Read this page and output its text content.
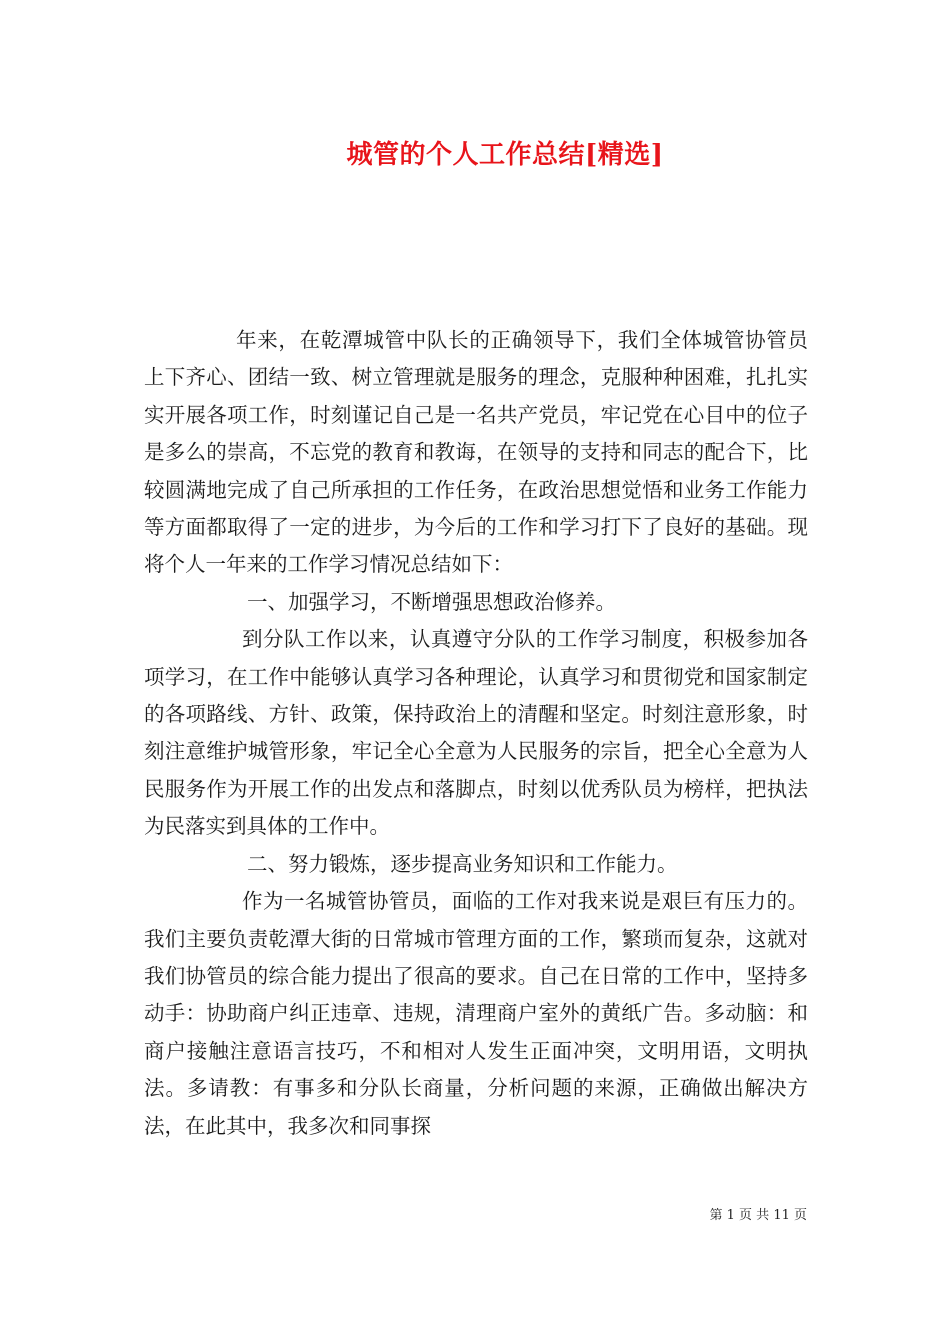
城管的个人工作总结[精选]

年来，在乾潭城管中队长的正确领导下，我们全体城管协管员上下齐心、团结一致、树立管理就是服务的理念，克服种种困难，扎扎实实开展各项工作，时刻谨记自己是一名共产党员，牢记党在心目中的位子是多么的崇高，不忘党的教育和教诲，在领导的支持和同志的配合下，比较圆满地完成了自己所承担的工作任务，在政治思想觉悟和业务工作能力等方面都取得了一定的进步，为今后的工作和学习打下了良好的基础。现将个人一年来的工作学习情况总结如下：

一、加强学习，不断增强思想政治修养。

到分队工作以来，认真遵守分队的工作学习制度，积极参加各项学习，在工作中能够认真学习各种理论，认真学习和贯彻党和国家制定的各项路线、方针、政策，保持政治上的清醒和坚定。时刻注意形象，时刻注意维护城管形象，牢记全心全意为人民服务的宗旨，把全心全意为人民服务作为开展工作的出发点和落脚点，时刻以优秀队员为榜样，把执法为民落实到具体的工作中。

二、努力锻炼，逐步提高业务知识和工作能力。

作为一名城管协管员，面临的工作对我来说是艰巨有压力的。我们主要负责乾潭大街的日常城市管理方面的工作，繁琐而复杂，这就对我们协管员的综合能力提出了很高的要求。自己在日常的工作中，坚持多动手：协助商户纠正违章、违规，清理商户室外的黄纸广告。多动脑：和商户接触注意语言技巧，不和相对人发生正面冲突，文明用语，文明执法。多请教：有事多和分队长商量，分析问题的来源，正确做出解决方法，在此其中，我多次和同事探

第 1 页 共 11 页
